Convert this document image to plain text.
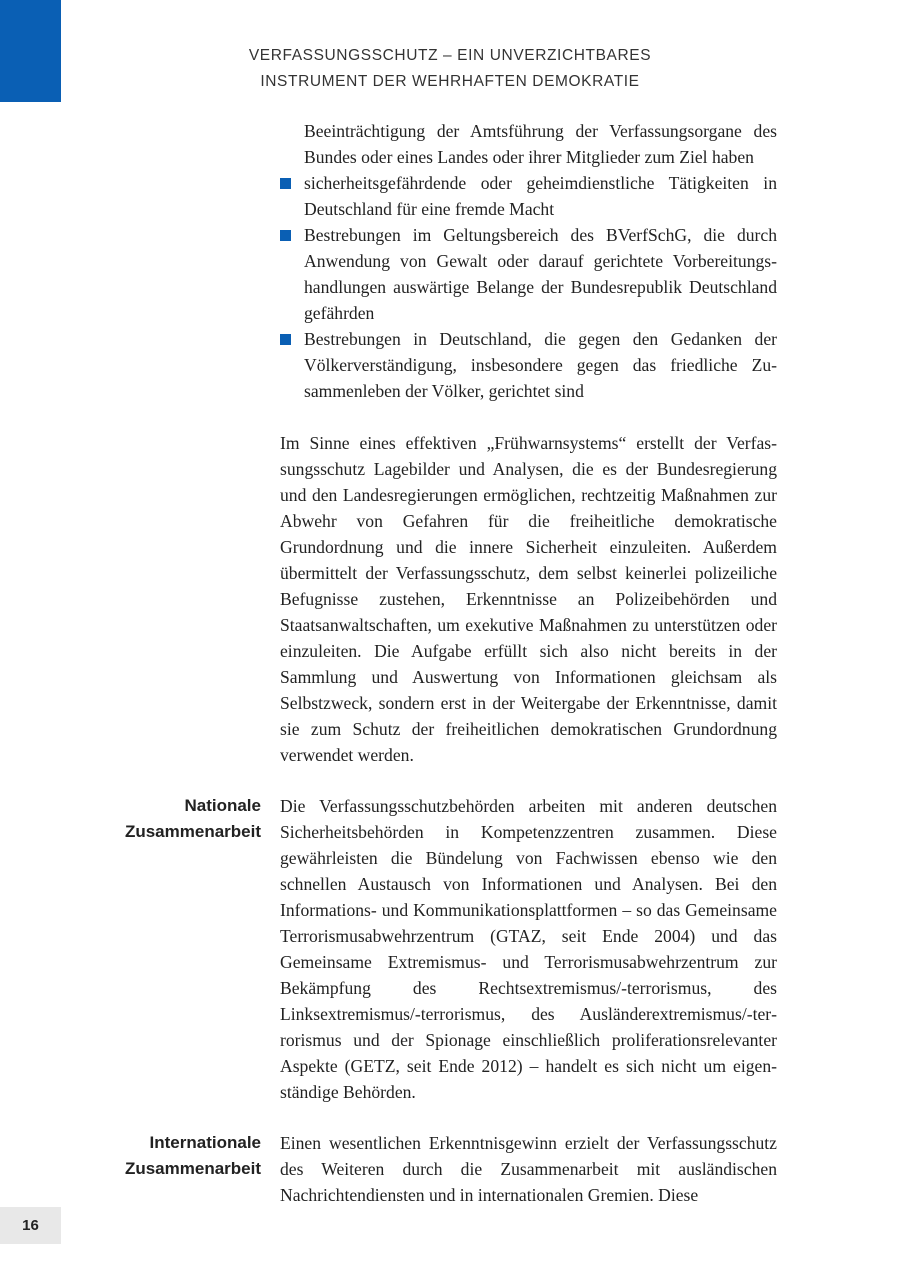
VERFASSUNGSSCHUTZ – EIN UNVERZICHTBARES
INSTRUMENT DER WEHRHAFTEN DEMOKRATIE
Beeinträchtigung der Amtsführung der Verfassungsorgane des Bundes oder eines Landes oder ihrer Mitglieder zum Ziel haben
sicherheitsgefährdende oder geheimdienstliche Tätigkeiten in Deutschland für eine fremde Macht
Bestrebungen im Geltungsbereich des BVerfSchG, die durch Anwendung von Gewalt oder darauf gerichtete Vorbereitungshandlungen auswärtige Belange der Bundesrepublik Deutschland gefährden
Bestrebungen in Deutschland, die gegen den Gedanken der Völkerverständigung, insbesondere gegen das friedliche Zusammenleben der Völker, gerichtet sind

Im Sinne eines effektiven „Frühwarnsystems“ erstellt der Verfassungsschutz Lagebilder und Analysen, die es der Bundesregierung und den Landesregierungen ermöglichen, rechtzeitig Maßnahmen zur Abwehr von Gefahren für die freiheitliche demokratische Grundordnung und die innere Sicherheit einzuleiten. Außerdem übermittelt der Verfassungsschutz, dem selbst keinerlei polizeiliche Befugnisse zustehen, Erkenntnisse an Polizeibehörden und Staatsanwaltschaften, um exekutive Maßnahmen zu unterstützen oder einzuleiten. Die Aufgabe erfüllt sich also nicht bereits in der Sammlung und Auswertung von Informationen gleichsam als Selbstzweck, sondern erst in der Weitergabe der Erkenntnisse, damit sie zum Schutz der freiheitlichen demokratischen Grundordnung verwendet werden.

Nationale
Zusammenarbeit

Die Verfassungsschutzbehörden arbeiten mit anderen deutschen Sicherheitsbehörden in Kompetenzzentren zusammen. Diese gewährleisten die Bündelung von Fachwissen ebenso wie den schnellen Austausch von Informationen und Analysen. Bei den Informations- und Kommunikationsplattformen – so das Gemeinsame Terrorismusabwehrzentrum (GTAZ, seit Ende 2004) und das Gemeinsame Extremismus- und Terrorismusabwehrzentrum zur Bekämpfung des Rechtsextremismus/-terrorismus, des Linksextremismus/-terrorismus, des Ausländerextremismus/-terrorismus und der Spionage einschließlich proliferationsrelevanter Aspekte (GETZ, seit Ende 2012) – handelt es sich nicht um eigenständige Behörden.

Internationale
Zusammenarbeit

Einen wesentlichen Erkenntnisgewinn erzielt der Verfassungsschutz des Weiteren durch die Zusammenarbeit mit ausländischen Nachrichtendiensten und in internationalen Gremien. Diese

16
